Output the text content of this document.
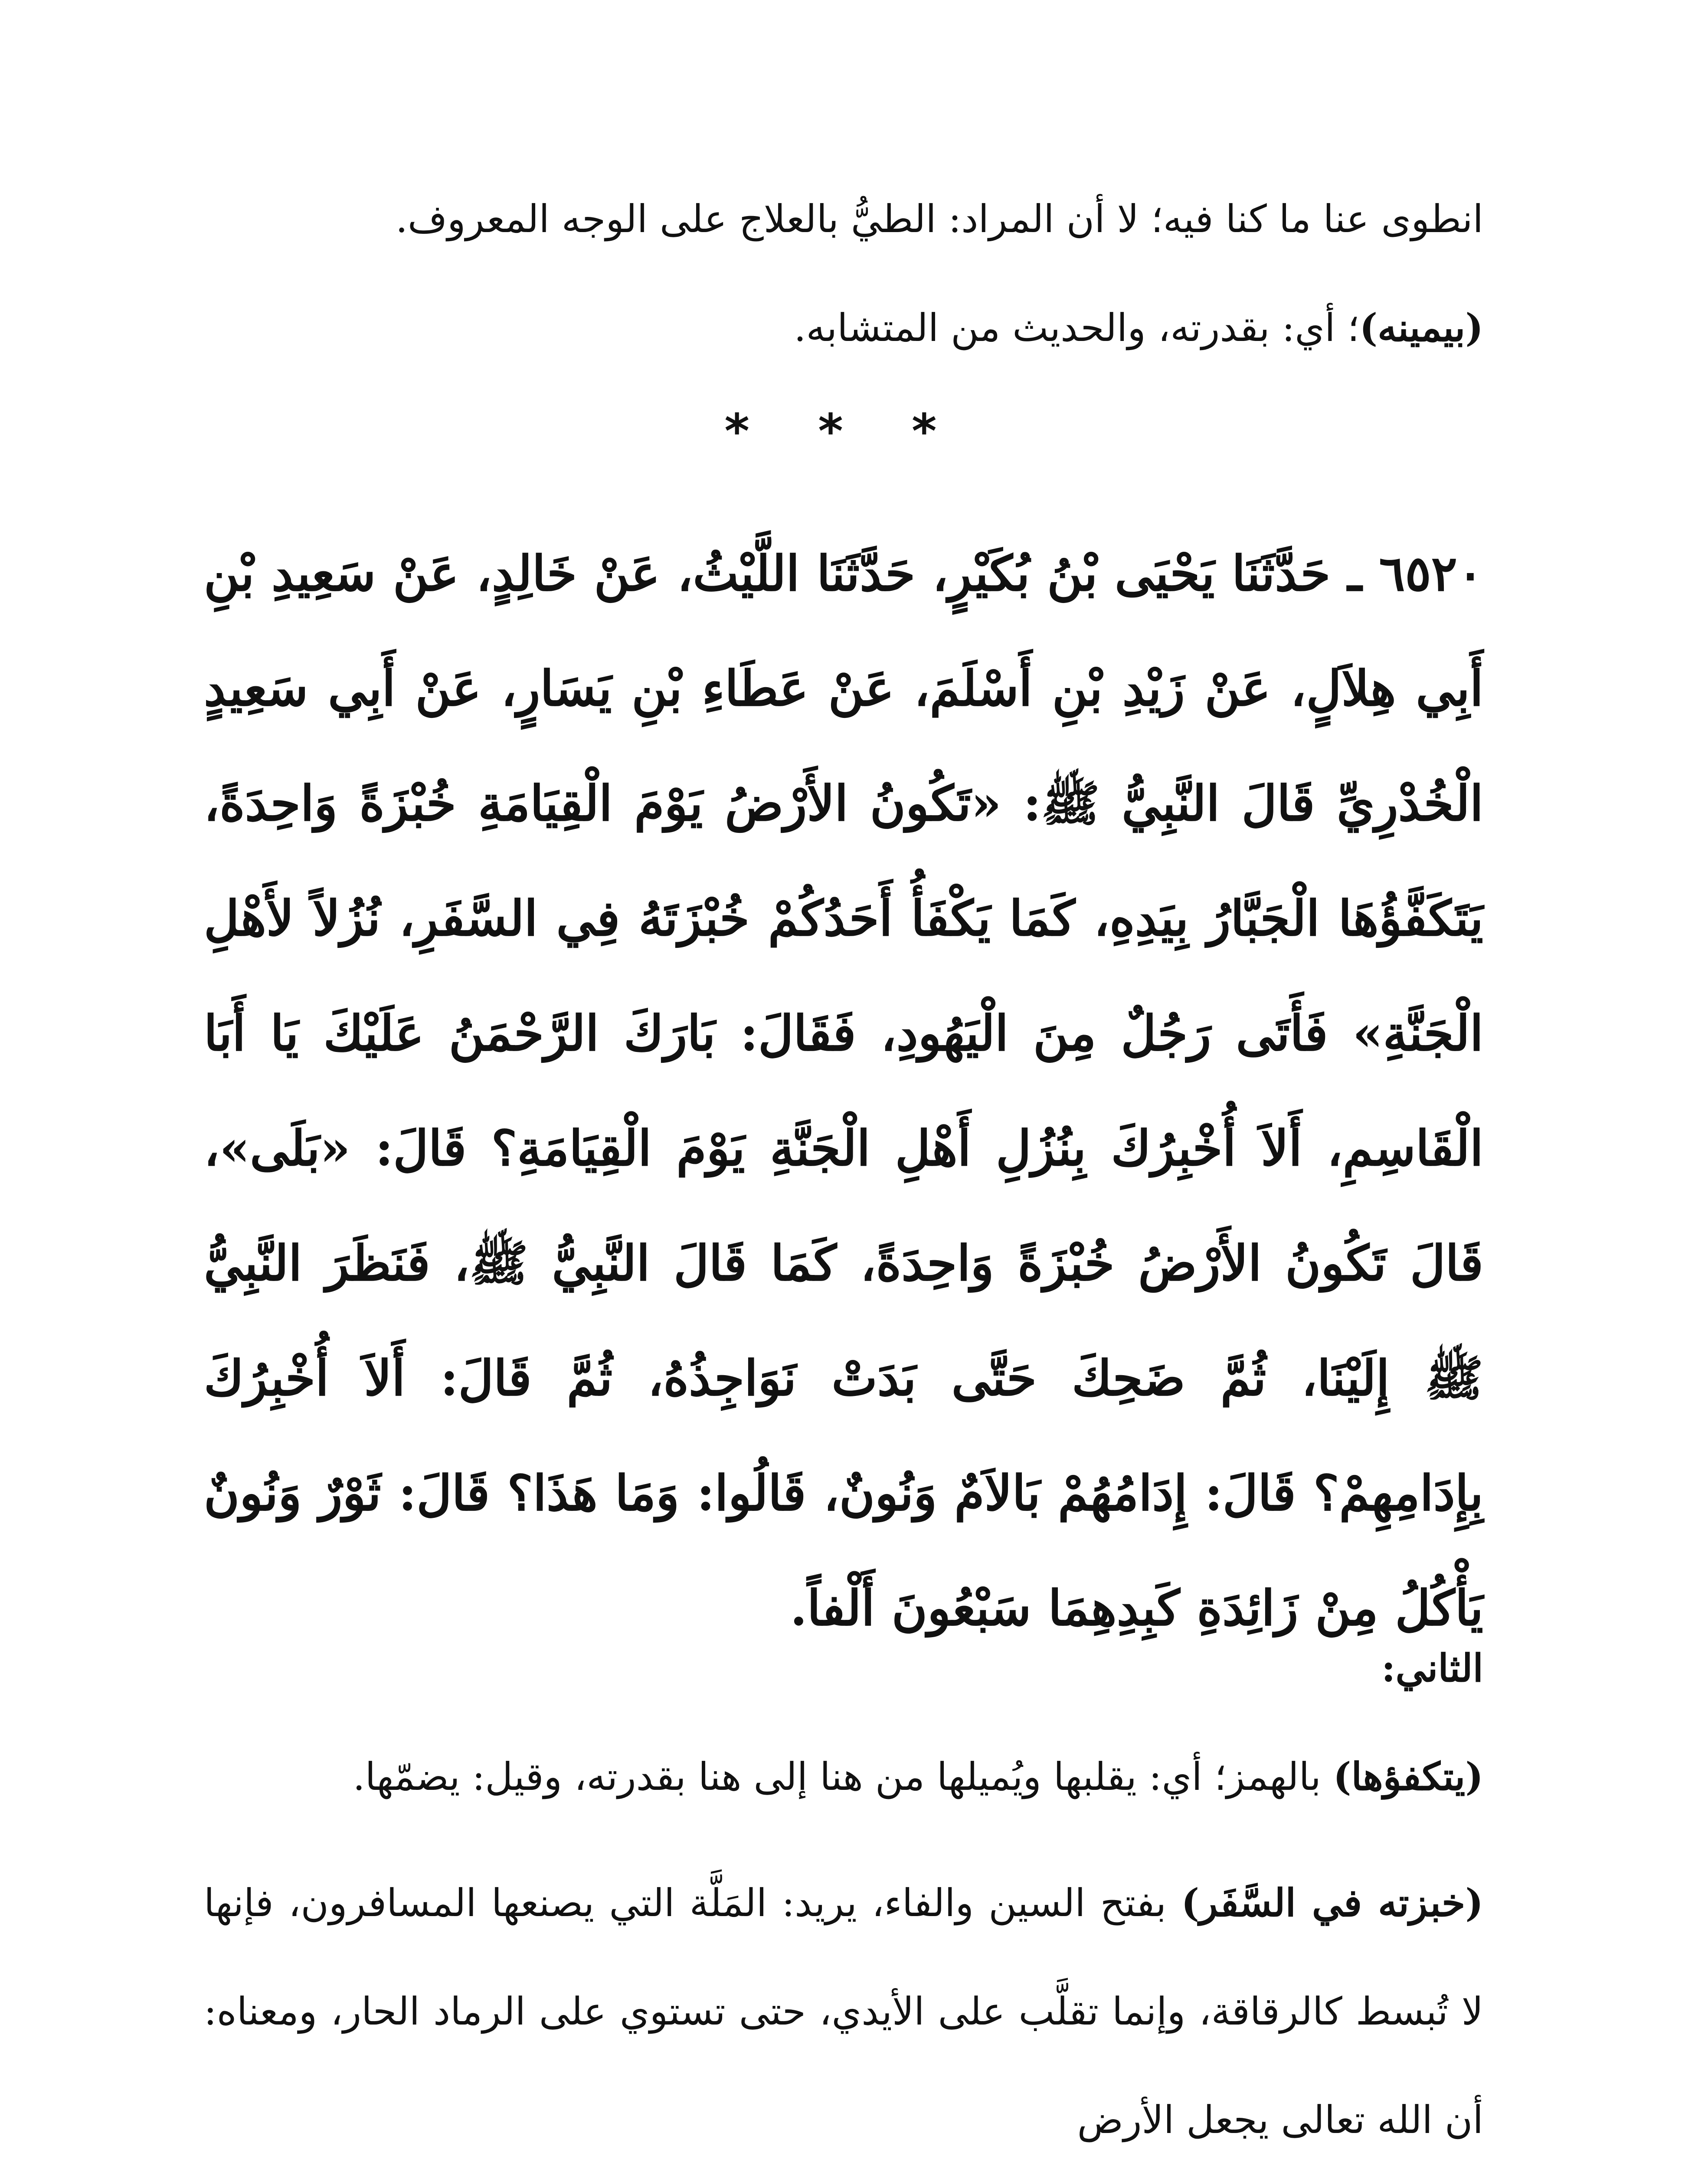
انطوى عنا ما كنا فيه؛ لا أن المراد: الطيُّ بالعلاج على الوجه المعروف.

(بيمينه)؛ أي: بقدرته، والحديث من المتشابه.

* * *

٦٥٢٠ ـ حَدَّثَنَا يَحْيَى بْنُ بُكَيْرٍ، حَدَّثَنَا اللَّيْثُ، عَنْ خَالِدٍ، عَنْ سَعِيدِ بْنِ أَبِي هِلاَلٍ، عَنْ زَيْدِ بْنِ أَسْلَمَ، عَنْ عَطَاءِ بْنِ يَسَارٍ، عَنْ أَبِي سَعِيدٍ الْخُدْرِيِّ قَالَ النَّبِيُّ ﷺ: «تَكُونُ الأَرْضُ يَوْمَ الْقِيَامَةِ خُبْزَةً وَاحِدَةً، يَتَكَفَّؤُهَا الْجَبَّارُ بِيَدِهِ، كَمَا يَكْفَأُ أَحَدُكُمْ خُبْزَتَهُ فِي السَّفَرِ، نُزُلاً لأَهْلِ الْجَنَّةِ» فَأَتَى رَجُلٌ مِنَ الْيَهُودِ، فَقَالَ: بَارَكَ الرَّحْمَنُ عَلَيْكَ يَا أَبَا الْقَاسِمِ، أَلاَ أُخْبِرُكَ بِنُزُلِ أَهْلِ الْجَنَّةِ يَوْمَ الْقِيَامَةِ؟ قَالَ: «بَلَى»، قَالَ تَكُونُ الأَرْضُ خُبْزَةً وَاحِدَةً، كَمَا قَالَ النَّبِيُّ ﷺ، فَنَظَرَ النَّبِيُّ ﷺ إِلَيْنَا، ثُمَّ ضَحِكَ حَتَّى بَدَتْ نَوَاجِذُهُ، ثُمَّ قَالَ: أَلاَ أُخْبِرُكَ بِإِدَامِهِمْ؟ قَالَ: إِدَامُهُمْ بَالاَمٌ وَنُونٌ، قَالُوا: وَمَا هَذَا؟ قَالَ: ثَوْرٌ وَنُونٌ يَأْكُلُ مِنْ زَائِدَةِ كَبِدِهِمَا سَبْعُونَ أَلْفاً.

الثاني:

(يتكفؤها) بالهمز؛ أي: يقلبها ويُميلها من هنا إلى هنا بقدرته، وقيل: يضمّها.

(خبزته في السَّفَر) بفتح السين والفاء، يريد: المَلَّة التي يصنعها المسافرون، فإنها لا تُبسط كالرقاقة، وإنما تقلَّب على الأيدي، حتى تستوي على الرماد الحار، ومعناه: أن الله تعالى يجعل الأرض
